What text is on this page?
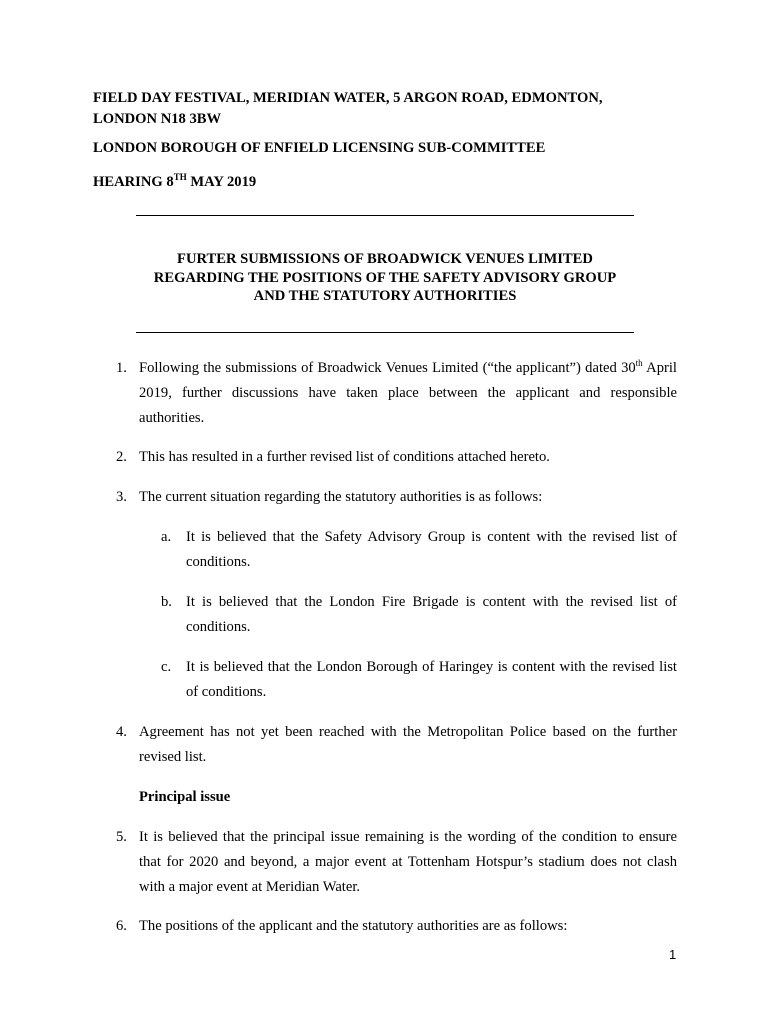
FIELD DAY FESTIVAL, MERIDIAN WATER, 5 ARGON ROAD, EDMONTON,
LONDON N18 3BW
LONDON BOROUGH OF ENFIELD LICENSING SUB-COMMITTEE
HEARING 8TH MAY 2019
FURTER SUBMISSIONS OF BROADWICK VENUES LIMITED
REGARDING THE POSITIONS OF THE SAFETY ADVISORY GROUP
AND THE STATUTORY AUTHORITIES
1. Following the submissions of Broadwick Venues Limited (“the applicant”) dated 30th April 2019, further discussions have taken place between the applicant and responsible authorities.
2. This has resulted in a further revised list of conditions attached hereto.
3. The current situation regarding the statutory authorities is as follows:
a. It is believed that the Safety Advisory Group is content with the revised list of conditions.
b. It is believed that the London Fire Brigade is content with the revised list of conditions.
c. It is believed that the London Borough of Haringey is content with the revised list of conditions.
4. Agreement has not yet been reached with the Metropolitan Police based on the further revised list.
Principal issue
5. It is believed that the principal issue remaining is the wording of the condition to ensure that for 2020 and beyond, a major event at Tottenham Hotspur’s stadium does not clash with a major event at Meridian Water.
6. The positions of the applicant and the statutory authorities are as follows:
1
